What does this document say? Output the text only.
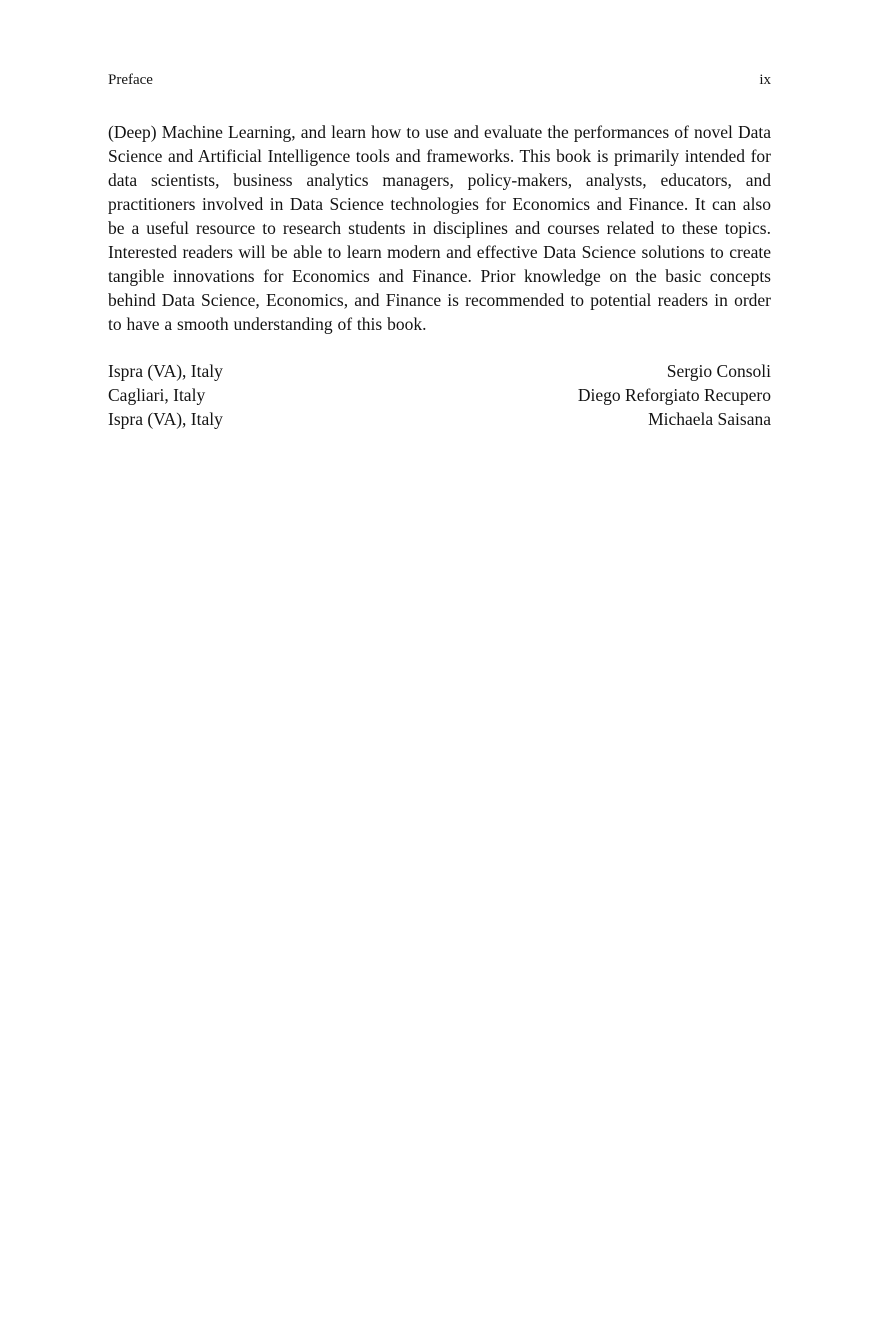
Preface	ix

(Deep) Machine Learning, and learn how to use and evaluate the performances of novel Data Science and Artificial Intelligence tools and frameworks. This book is primarily intended for data scientists, business analytics managers, policy-makers, analysts, educators, and practitioners involved in Data Science technologies for Economics and Finance. It can also be a useful resource to research students in disciplines and courses related to these topics. Interested readers will be able to learn modern and effective Data Science solutions to create tangible innovations for Economics and Finance. Prior knowledge on the basic concepts behind Data Science, Economics, and Finance is recommended to potential readers in order to have a smooth understanding of this book.

Ispra (VA), Italy	Sergio Consoli
Cagliari, Italy	Diego Reforgiato Recupero
Ispra (VA), Italy	Michaela Saisana
